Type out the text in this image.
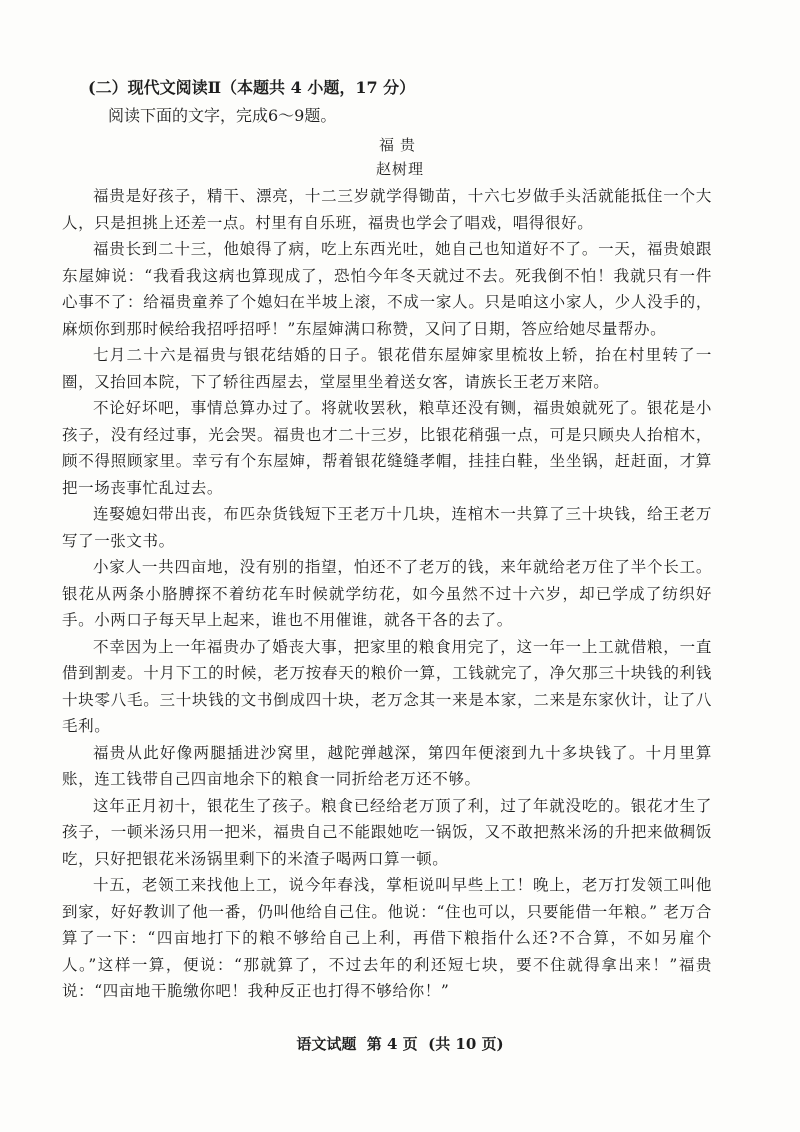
(二）现代文阅读Ⅱ（本题共 4 小题，17 分）
阅读下面的文字，完成6～9题。
福贵
赵树理

福贵是好孩子，精干、漂亮，十二三岁就学得锄苗，十六七岁做手头活就能抵住一个大人，只是担挑上还差一点。村里有自乐班，福贵也学会了唱戏，唱得很好。

福贵长到二十三，他娘得了病，吃上东西光吐，她自己也知道好不了。一天，福贵娘跟东屋婶说：“我看我这病也算现成了，恐怕今年冬天就过不去。死我倒不怕！我就只有一件心事不了：给福贵童养了个媳妇在半坡上滚，不成一家人。只是咱这小家人，少人没手的，麻烦你到那时候给我招呼招呼！”东屋婶满口称赞，又问了日期，答应给她尽量帮办。

七月二十六是福贵与银花结婚的日子。银花借东屋婶家里梳妆上轿，抬在村里转了一圈，又抬回本院，下了轿往西屋去，堂屋里坐着送女客，请族长王老万来陪。

不论好坏吧，事情总算办过了。将就收罢秋，粮草还没有铡，福贵娘就死了。银花是小孩子，没有经过事，光会哭。福贵也才二十三岁，比银花稍强一点，可是只顾央人抬棺木，顾不得照顾家里。幸亏有个东屋婶，帮着银花缝缝孝帽，挂挂白鞋，坐坐锅，赶赶面，才算把一场丧事忙乱过去。

连娶媳妇带出丧，布匹杂货钱短下王老万十几块，连棺木一共算了三十块钱，给王老万写了一张文书。

小家人一共四亩地，没有别的指望，怕还不了老万的钱，来年就给老万住了半个长工。银花从两条小胳膊探不着纺花车时候就学纺花，如今虽然不过十六岁，却已学成了纺织好手。小两口子每天早上起来，谁也不用催谁，就各干各的去了。

不幸因为上一年福贵办了婚丧大事，把家里的粮食用完了，这一年一上工就借粮，一直借到割麦。十月下工的时候，老万按春天的粮价一算，工钱就完了，净欠那三十块钱的利钱十块零八毛。三十块钱的文书倒成四十块，老万念其一来是本家，二来是东家伙计，让了八毛利。

福贵从此好像两腿插进沙窝里，越陀弹越深，第四年便滚到九十多块钱了。十月里算账，连工钱带自己四亩地余下的粮食一同折给老万还不够。

这年正月初十，银花生了孩子。粮食已经给老万顶了利，过了年就没吃的。银花才生了孩子，一顿米汤只用一把米，福贵自己不能跟她吃一锅饭，又不敢把熬米汤的升把来做稠饭吃，只好把银花米汤锅里剩下的米渣子喝两口算一顿。

十五，老领工来找他上工，说今年春浅，掌柜说叫早些上工！晚上，老万打发领工叫他到家，好好教训了他一番，仍叫他给自己住。他说：“住也可以，只要能借一年粮。” 老万合算了一下：“四亩地打下的粮不够给自己上利，再借下粮指什么还?不合算，不如另雇个人。”这样一算，便说：“那就算了，不过去年的利还短七块，要不住就得拿出来！”福贵说：“四亩地干脆缴你吧！我种反正也打得不够给你！”

语文试题  第 4 页  (共 10 页)
